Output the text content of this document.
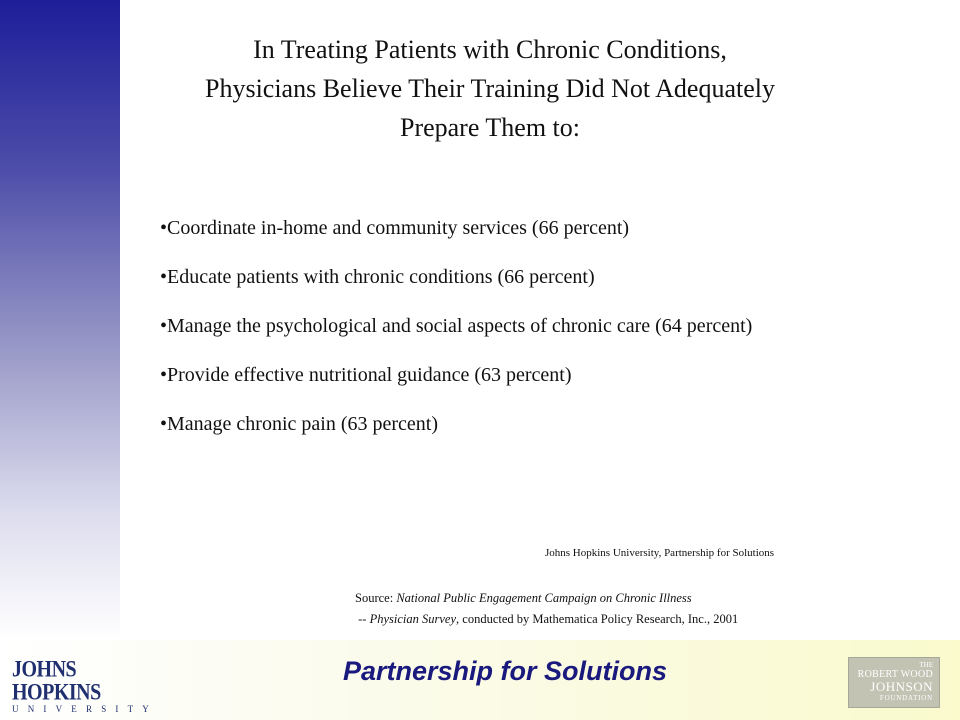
In Treating Patients with Chronic Conditions,
Physicians Believe Their Training Did Not Adequately
Prepare Them to:
• Coordinate in-home and community services (66 percent)
• Educate patients with chronic conditions (66 percent)
• Manage the psychological and social aspects of chronic care (64 percent)
• Provide effective nutritional guidance (63 percent)
• Manage chronic pain (63 percent)
Johns Hopkins University, Partnership for Solutions
Source: National Public Engagement Campaign on Chronic Illness
-- Physician Survey, conducted by Mathematica Policy Research, Inc., 2001
JOHNS HOPKINS
UNIVERSITY
Partnership for Solutions	THE
ROBERT WOOD
JOHNSON
FOUNDATION
